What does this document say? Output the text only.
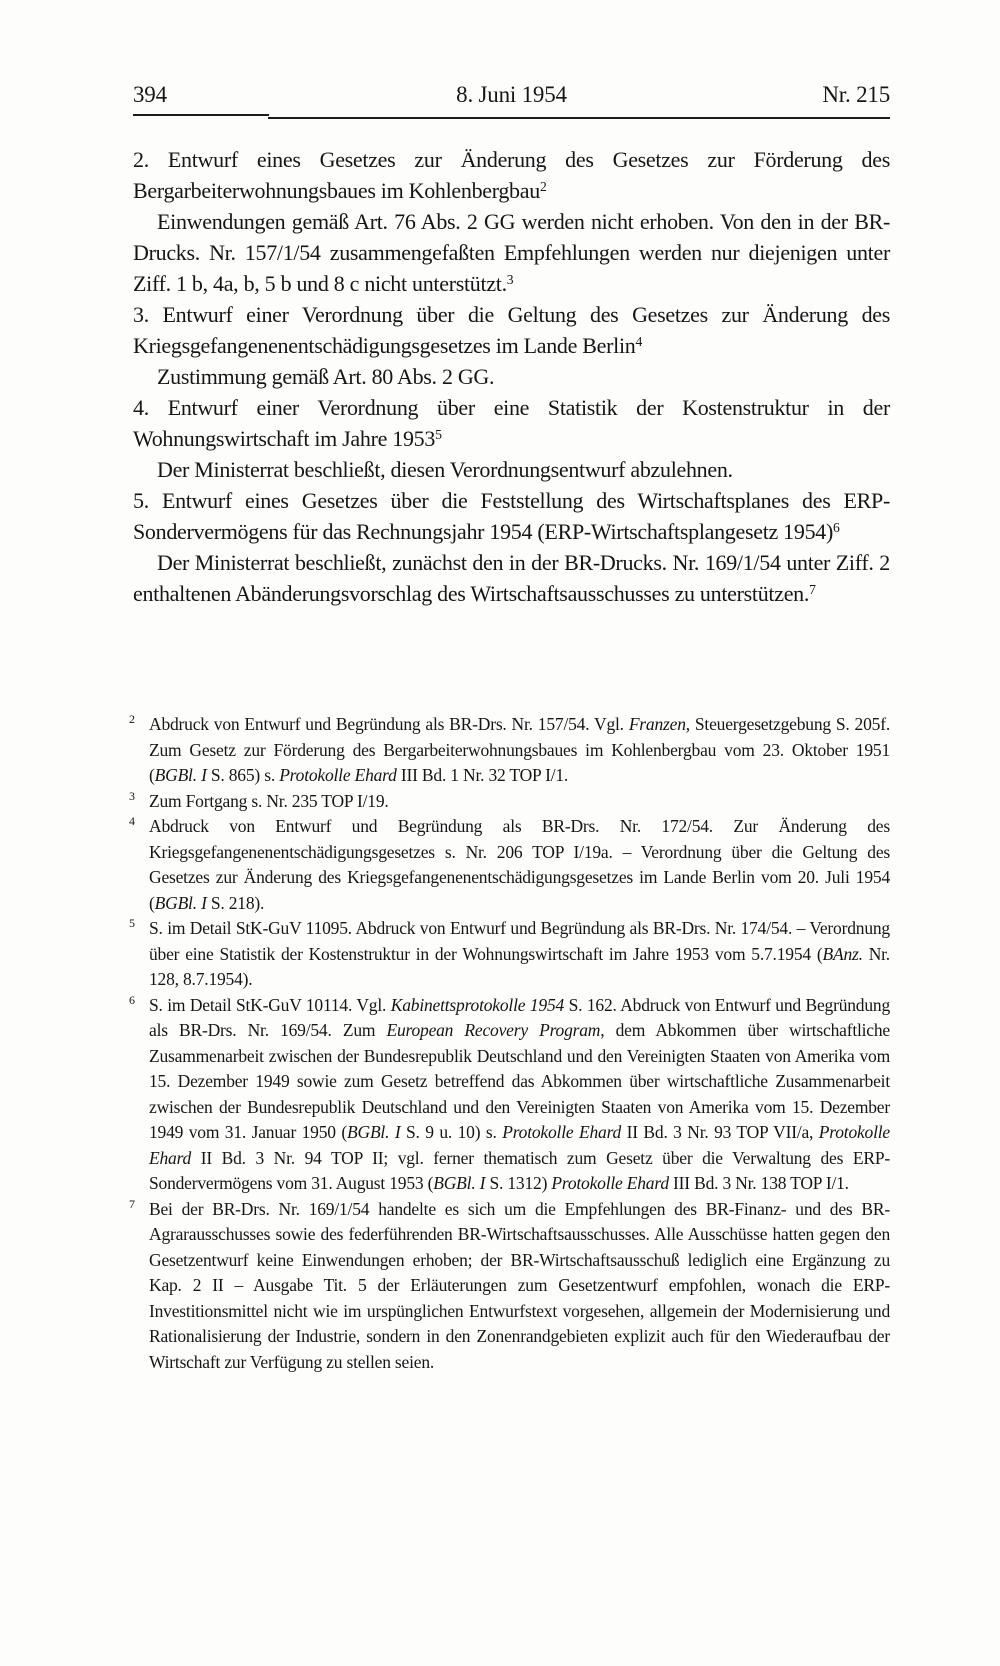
394	8. Juni 1954	Nr. 215

2. Entwurf eines Gesetzes zur Änderung des Gesetzes zur Förderung des Bergarbeiterwohnungsbaues im Kohlenbergbau$^2$

Einwendungen gemäß Art. 76 Abs. 2 GG werden nicht erhoben. Von den in der BR-Drucks. Nr. 157/1/54 zusammengefaßten Empfehlungen werden nur diejenigen unter Ziff. 1 b, 4a, b, 5 b und 8 c nicht unterstützt.$^3$

3. Entwurf einer Verordnung über die Geltung des Gesetzes zur Änderung des Kriegsgefangenenentschädigungsgesetzes im Lande Berlin$^4$

Zustimmung gemäß Art. 80 Abs. 2 GG.

4. Entwurf einer Verordnung über eine Statistik der Kostenstruktur in der Wohnungswirtschaft im Jahre 1953$^5$

Der Ministerrat beschließt, diesen Verordnungsentwurf abzulehnen.

5. Entwurf eines Gesetzes über die Feststellung des Wirtschaftsplanes des ERP-Sondervermögens für das Rechnungsjahr 1954 (ERP-Wirtschaftsplangesetz 1954)$^6$

Der Ministerrat beschließt, zunächst den in der BR-Drucks. Nr. 169/1/54 unter Ziff. 2 enthaltenen Abänderungsvorschlag des Wirtschaftsausschusses zu unterstützen.$^7$

2 Abdruck von Entwurf und Begründung als BR-Drs. Nr. 157/54. Vgl. Franzen, Steuergesetzgebung S. 205f. Zum Gesetz zur Förderung des Bergarbeiterwohnungsbaues im Kohlenbergbau vom 23. Oktober 1951 (BGBl. I S. 865) s. Protokolle Ehard III Bd. 1 Nr. 32 TOP I/1.
3 Zum Fortgang s. Nr. 235 TOP I/19.
4 Abdruck von Entwurf und Begründung als BR-Drs. Nr. 172/54. Zur Änderung des Kriegsgefangenenentschädigungsgesetzes s. Nr. 206 TOP I/19a. – Verordnung über die Geltung des Gesetzes zur Änderung des Kriegsgefangenenentschädigungsgesetzes im Lande Berlin vom 20. Juli 1954 (BGBl. I S. 218).
5 S. im Detail StK-GuV 11095. Abdruck von Entwurf und Begründung als BR-Drs. Nr. 174/54. – Verordnung über eine Statistik der Kostenstruktur in der Wohnungswirtschaft im Jahre 1953 vom 5.7.1954 (BAnz. Nr. 128, 8.7.1954).
6 S. im Detail StK-GuV 10114. Vgl. Kabinettsprotokolle 1954 S. 162. Abdruck von Entwurf und Begründung als BR-Drs. Nr. 169/54. Zum European Recovery Program, dem Abkommen über wirtschaftliche Zusammenarbeit zwischen der Bundesrepublik Deutschland und den Vereinigten Staaten von Amerika vom 15. Dezember 1949 sowie zum Gesetz betreffend das Abkommen über wirtschaftliche Zusammenarbeit zwischen der Bundesrepublik Deutschland und den Vereinigten Staaten von Amerika vom 15. Dezember 1949 vom 31. Januar 1950 (BGBl. I S. 9 u. 10) s. Protokolle Ehard II Bd. 3 Nr. 93 TOP VII/a, Protokolle Ehard II Bd. 3 Nr. 94 TOP II; vgl. ferner thematisch zum Gesetz über die Verwaltung des ERP-Sondervermögens vom 31. August 1953 (BGBl. I S. 1312) Protokolle Ehard III Bd. 3 Nr. 138 TOP I/1.
7 Bei der BR-Drs. Nr. 169/1/54 handelte es sich um die Empfehlungen des BR-Finanz- und des BR-Agrarausschusses sowie des federführenden BR-Wirtschaftsausschusses. Alle Ausschüsse hatten gegen den Gesetzentwurf keine Einwendungen erhoben; der BR-Wirtschaftsausschuß lediglich eine Ergänzung zu Kap. 2 II – Ausgabe Tit. 5 der Erläuterungen zum Gesetzentwurf empfohlen, wonach die ERP-Investitionsmittel nicht wie im urspünglichen Entwurfstext vorgesehen, allgemein der Modernisierung und Rationalisierung der Industrie, sondern in den Zonenrandgebieten explizit auch für den Wiederaufbau der Wirtschaft zur Verfügung zu stellen seien.
